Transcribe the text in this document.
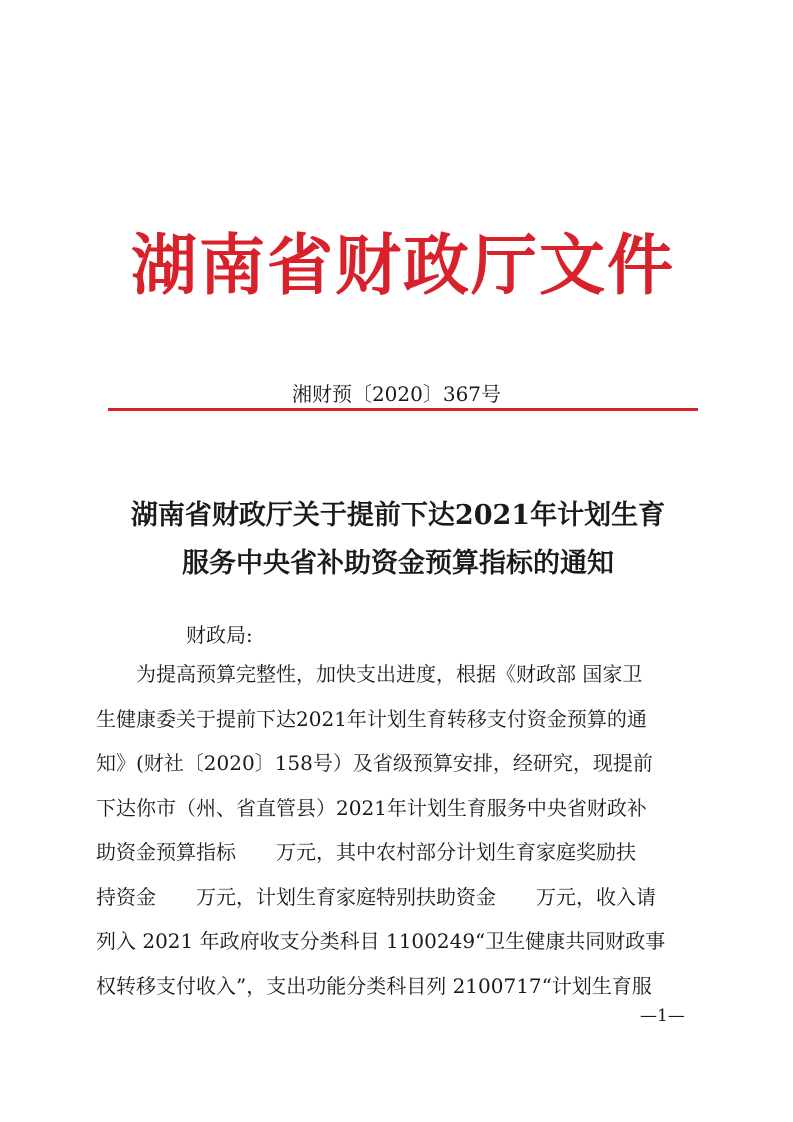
湖南省财政厅文件
湘财预〔2020〕367号
湖南省财政厅关于提前下达2021年计划生育
服务中央省补助资金预算指标的通知
财政局:
　　为提高预算完整性，加快支出进度，根据《财政部 国家卫
生健康委关于提前下达2021年计划生育转移支付资金预算的通
知》(财社〔2020〕158号）及省级预算安排，经研究，现提前
下达你市（州、省直管县）2021年计划生育服务中央省财政补
助资金预算指标　　万元，其中农村部分计划生育家庭奖励扶
持资金　　万元，计划生育家庭特别扶助资金　　万元，收入请
列入 2021 年政府收支分类科目 1100249“卫生健康共同财政事
权转移支付收入”，支出功能分类科目列 2100717“计划生育服
—1—
